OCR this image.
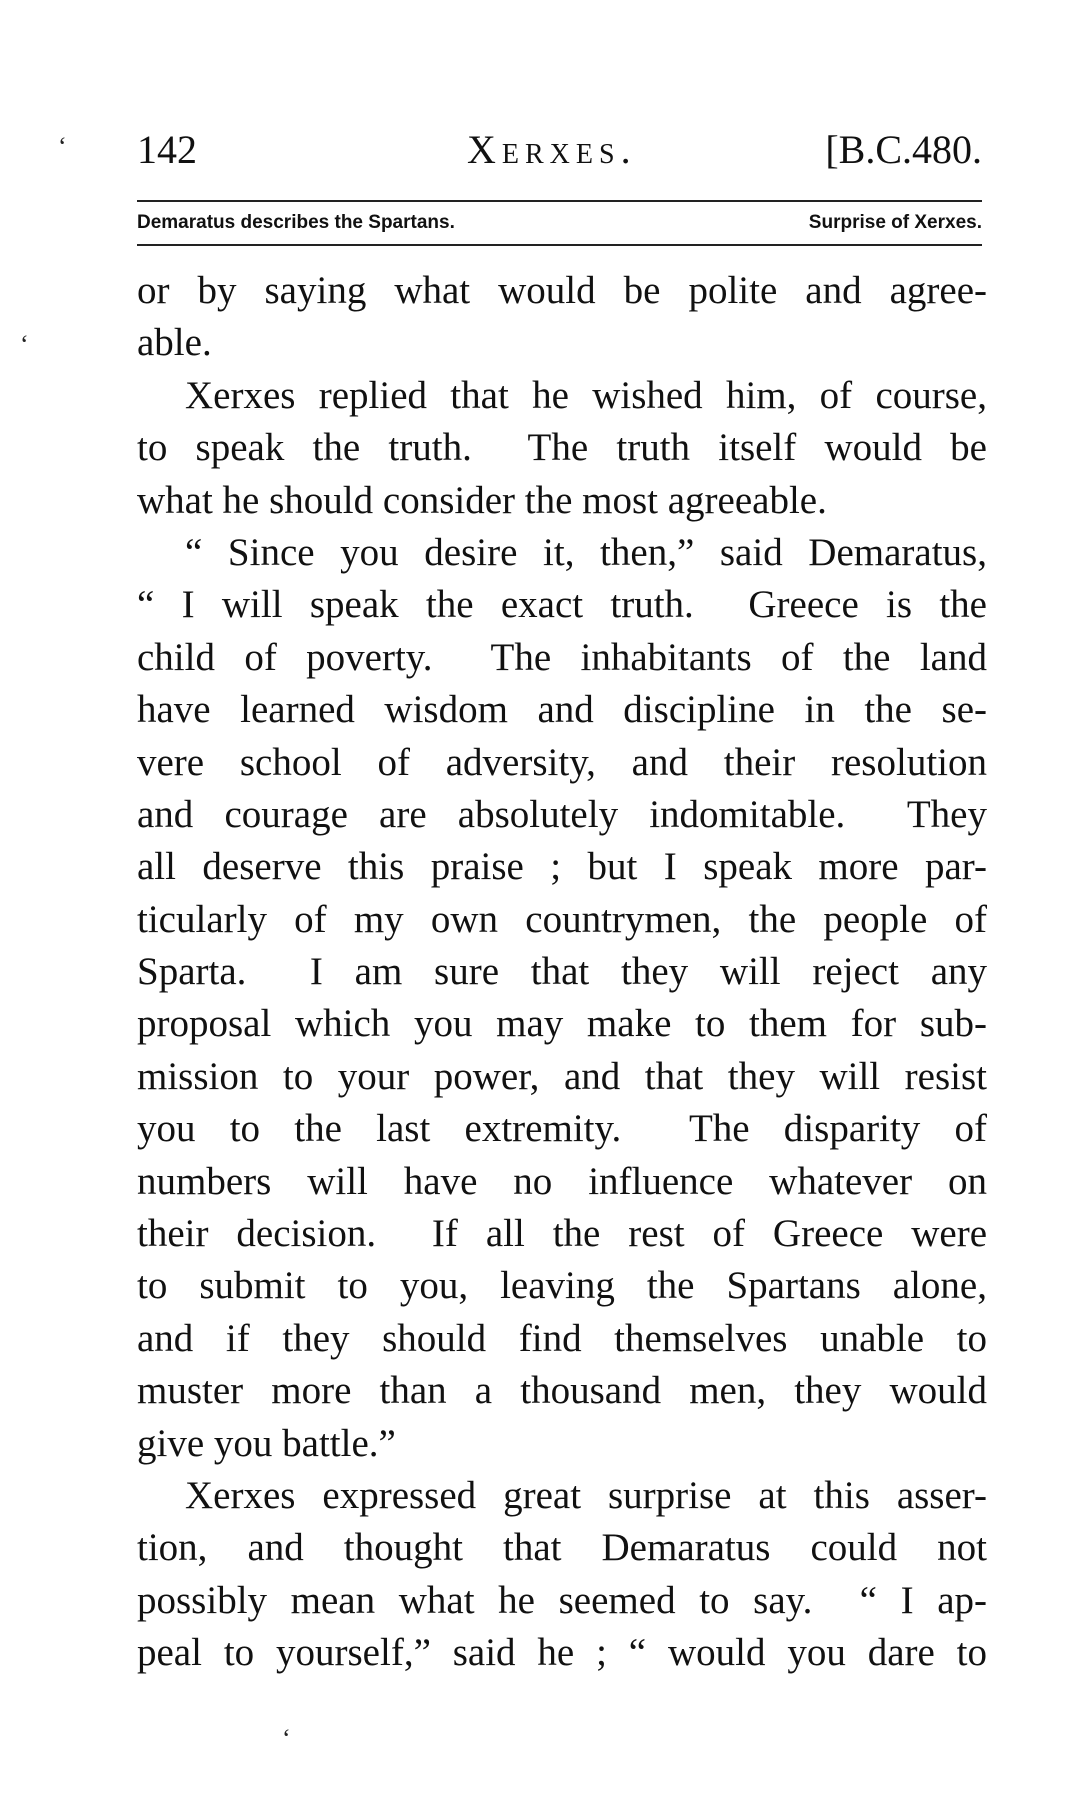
142	Xerxes.	[B.C.480.
Demaratus describes the Spartans.	Surprise of Xerxes.
or by saying what would be polite and agree-
able.
Xerxes replied that he wished him, of course,
to speak the truth.  The truth itself would be
what he should consider the most agreeable.
“ Since you desire it, then,” said Demaratus,
“ I will speak the exact truth.  Greece is the
child of poverty.  The inhabitants of the land
have learned wisdom and discipline in the se-
vere school of adversity, and their resolution
and courage are absolutely indomitable.  They
all deserve this praise ; but I speak more par-
ticularly of my own countrymen, the people of
Sparta.  I am sure that they will reject any
proposal which you may make to them for sub-
mission to your power, and that they will resist
you to the last extremity.  The disparity of
numbers will have no influence whatever on
their decision.  If all the rest of Greece were
to submit to you, leaving the Spartans alone,
and if they should find themselves unable to
muster more than a thousand men, they would
give you battle.”
Xerxes expressed great surprise at this asser-
tion, and thought that Demaratus could not
possibly mean what he seemed to say.  “ I ap-
peal to yourself,” said he ; “ would you dare to
‘
‘
‘
